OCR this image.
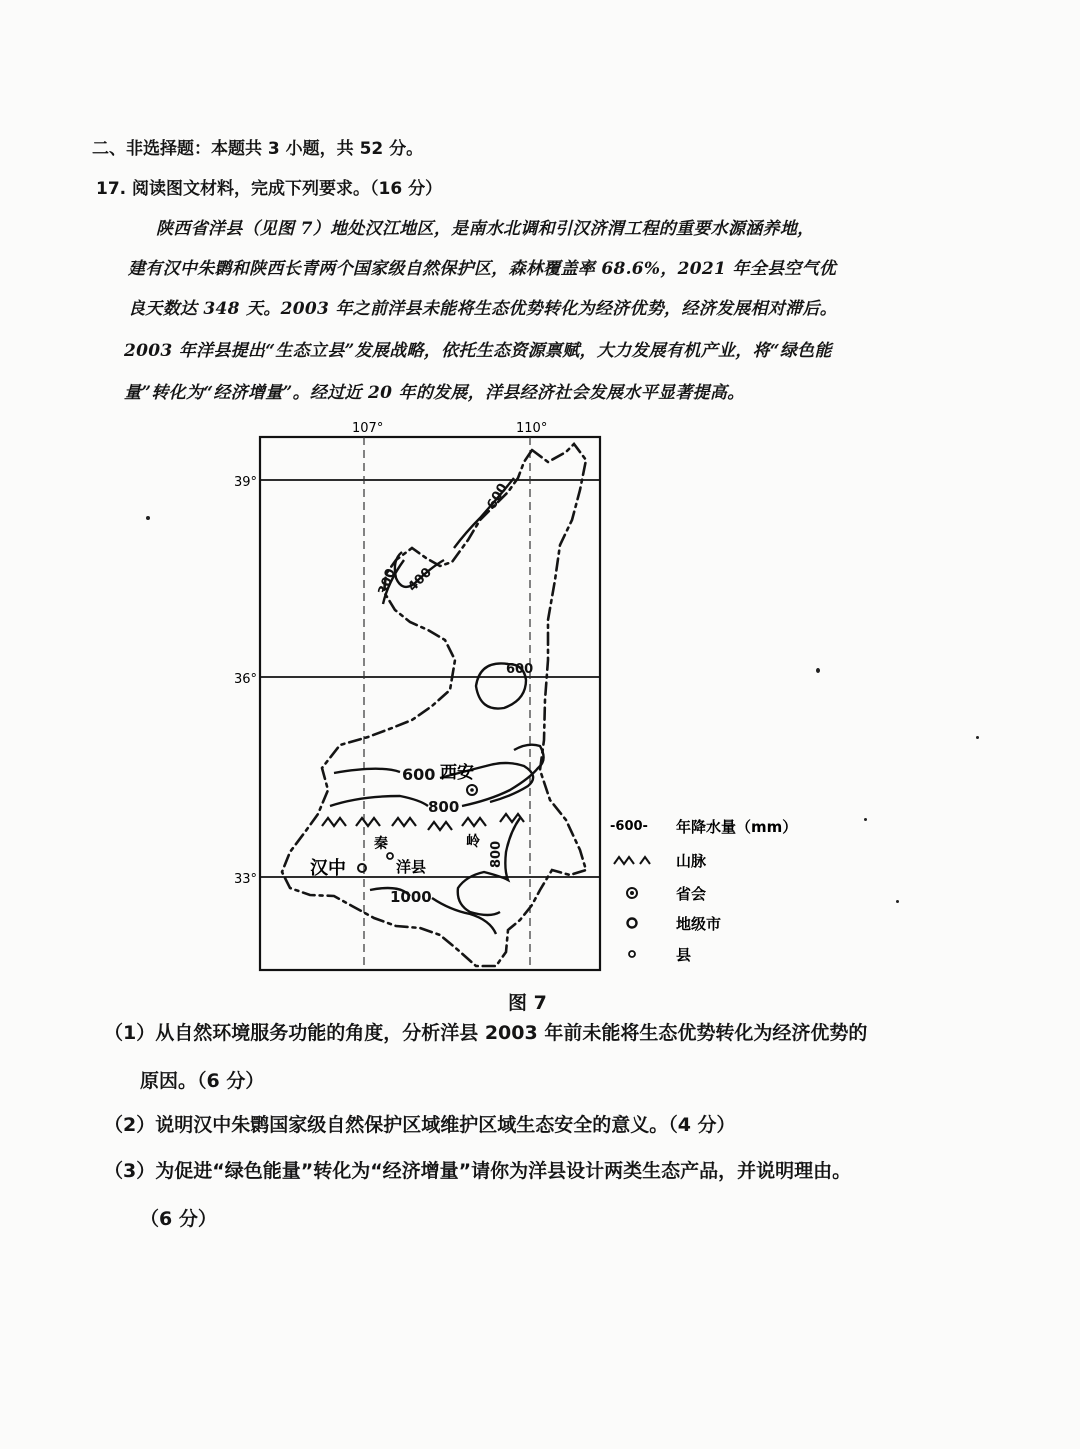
二、非选择题：本题共 3 小题，共 52 分。
17. 阅读图文材料，完成下列要求。（16 分）
陕西省洋县（见图 7）地处汉江地区，是南水北调和引汉济渭工程的重要水源涵养地，
建有汉中朱鹮和陕西长青两个国家级自然保护区，森林覆盖率 68.6%，2021 年全县空气优
良天数达 348 天。2003 年之前洋县未能将生态优势转化为经济优势，经济发展相对滞后。
2003 年洋县提出“生态立县”发展战略，依托生态资源禀赋，大力发展有机产业，将“绿色能
量”转化为“经济增量”。经过近 20 年的发展，洋县经济社会发展水平显著提高。
107°	110°
39°
36°
33°
600
400
300
600
600
800
800
1000
西安
秦	岭
汉中	洋县
-600- 年降水量（mm）
山脉
省会
地级市
县
图 7
（1）从自然环境服务功能的角度，分析洋县 2003 年前未能将生态优势转化为经济优势的
原因。（6 分）
（2）说明汉中朱鹮国家级自然保护区域维护区域生态安全的意义。（4 分）
（3）为促进“绿色能量”转化为“经济增量”请你为洋县设计两类生态产品，并说明理由。
（6 分）
